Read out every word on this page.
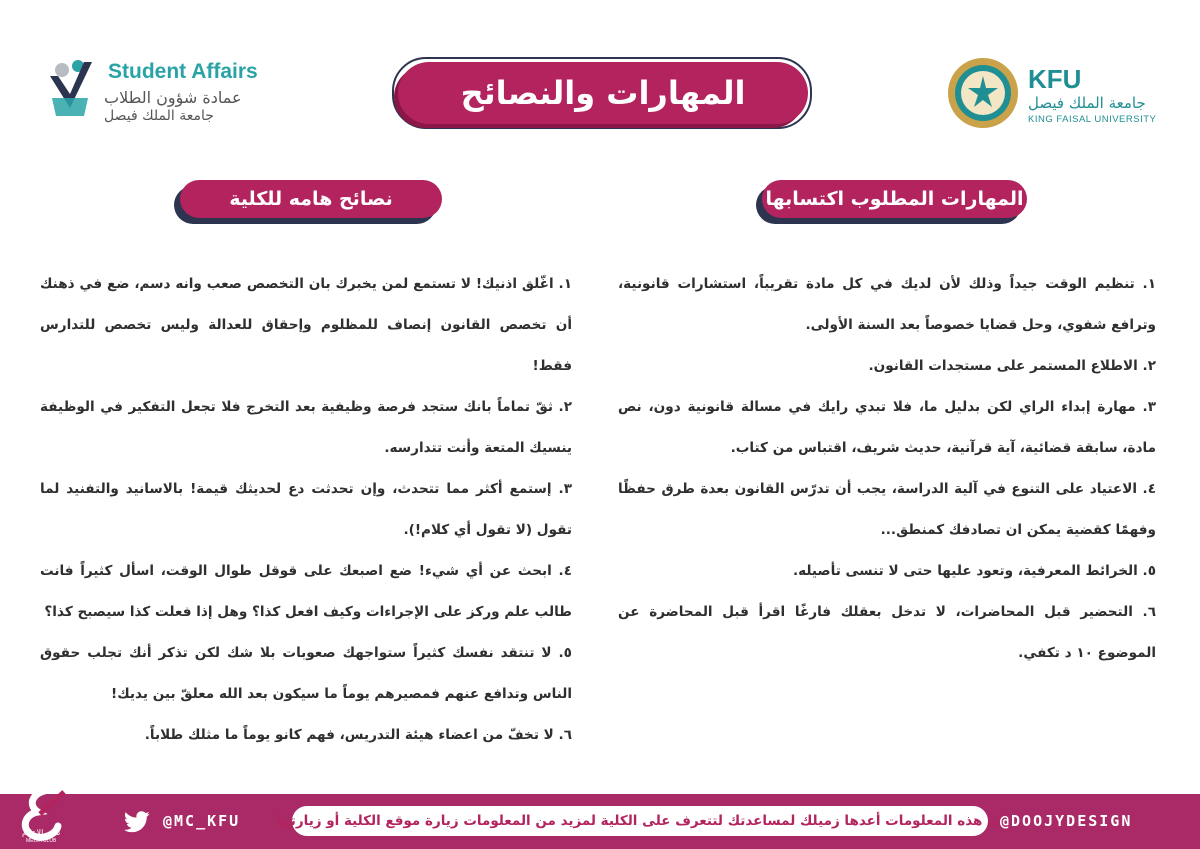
Student Affairs
عمادة شؤون الطلاب
جامعة الملك فيصل
المهارات والنصائح	KFU
جامعة الملك فيصل
KING FAISAL UNIVERSITY
نصائح هامه للكلية	المهارات المطلوب اكتسابها

١. اغّلق اذنيك! لا تستمع لمن يخبرك بان التخصص صعب وانه دسم، ضع في ذهنك أن تخصص القانون إنصاف للمظلوم وإحقاق للعدالة وليس تخصص للتدارس فقط!

٢. ثقّ تماماً بانك ستجد فرصة وظيفية بعد التخرج فلا تجعل التفكير في الوظيفة ينسيك المتعة وأنت تتدارسه.

٣. إستمع أكثر مما تتحدث، وإن تحدثت دع لحديثك قيمة! بالاسانيد والتفنيد لما تقول (لا تقول أي كلام!).

٤. ابحث عن أي شيء! ضع اصبعك على قوقل طوال الوقت، اسأل كثيراً فانت طالب علم وركز على الإجراءات وكيف افعل كذا؟ وهل إذا فعلت كذا سيصبح كذا؟

٥. لا تنتقد نفسك كثيراً ستواجهك صعوبات بلا شك لكن تذكر أنك تجلب حقوق الناس وتدافع عنهم فمصيرهم يوماً ما سيكون بعد الله معلقّ بين يديك!

٦. لا تخفّ من اعضاء هيئة التدريس، فهم كانو يوماً ما مثلك طلاباً.

١. تنظيم الوقت جيداً وذلك لأن لديك في كل مادة تقريباً، استشارات قانونية، وترافع شفوي، وحل قضايا خصوصاً بعد السنة الأولى.

٢. الاطلاع المستمر على مستجدات القانون.

٣. مهارة إبداء الراي لكن بدليل ما، فلا تبدي رايك في مسالة قانونية دون، نص مادة، سابقة قضائية، آية قرآنية، حديث شريف، اقتباس من كتاب.

٤. الاعتياد على التنوع في آلية الدراسة، يجب أن تدرّس القانون بعدة طرق حفظًا وفهمًا كقضية يمكن ان تصادفك كمنطق...

٥. الخرائط المعرفية، وتعود عليها حتى لا تنسى تأصيله.

٦. التحضير قبل المحاضرات، لا تدخل بعقلك فارغًا اقرأ قبل المحاضرة عن الموضوع ١٠ د تكفي.

نادي الإعلام
MEDIA CLUB
@MC_KFU	ان هذه المعلومات أعدها زميلك لمساعدتك لتتعرف على الكلية لمزيد من المعلومات زيارة موقع الكلية أو زيارتها
@DOOJYDESIGN
